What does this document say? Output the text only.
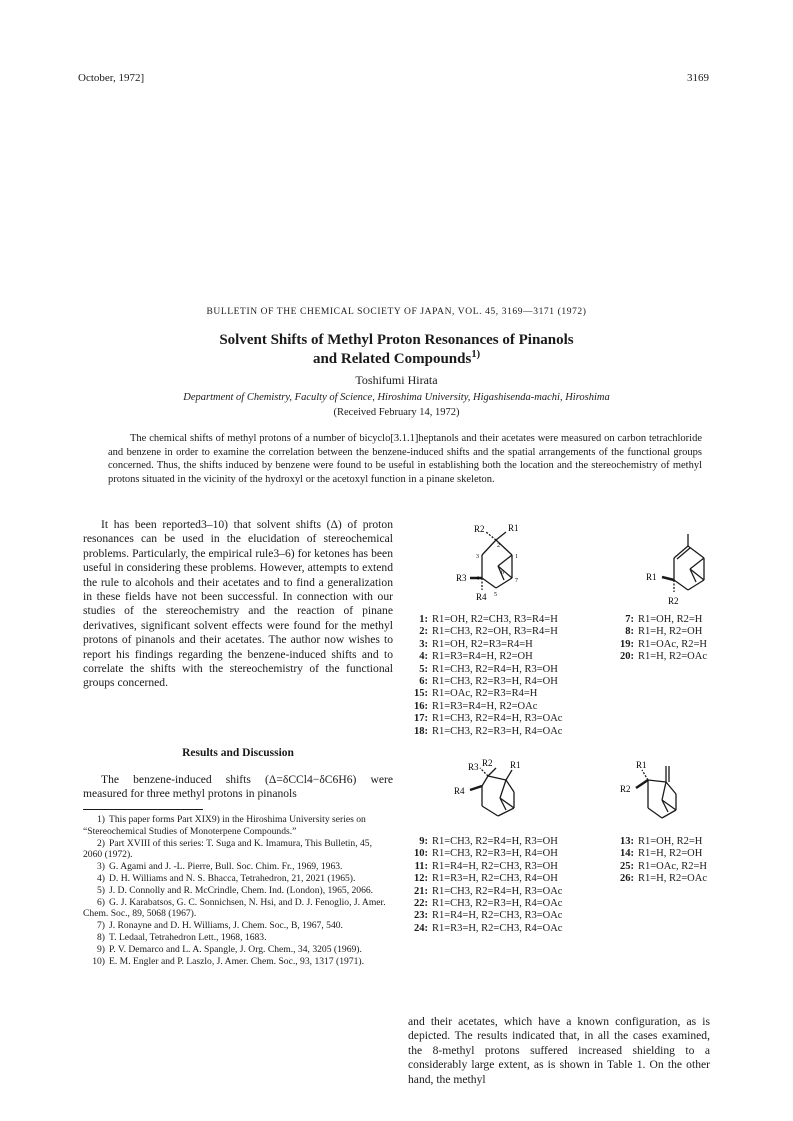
October, 1972]	3169
BULLETIN OF THE CHEMICAL SOCIETY OF JAPAN, VOL. 45, 3169—3171 (1972)
Solvent Shifts of Methyl Proton Resonances of Pinanols
and Related Compounds$^{1)}$
Toshifumi Hirata
Department of Chemistry, Faculty of Science, Hiroshima University, Higashisenda-machi, Hiroshima
(Received February 14, 1972)
The chemical shifts of methyl protons of a number of bicyclo[3.1.1]heptanols and their acetates were measured on carbon tetrachloride and benzene in order to examine the correlation between the benzene-induced shifts and the spatial arrangements of the functional groups concerned. Thus, the shifts induced by benzene were found to be useful in establishing both the location and the stereochemistry of methyl protons situated in the vicinity of the hydroxyl or the acetoxyl function in a pinane skeleton.
It has been reported3–10) that solvent shifts (Δ) of proton resonances can be used in the elucidation of stereochemical problems. Particularly, the empirical rule3–6) for ketones has been useful in considering these problems. However, attempts to extend the rule to alcohols and their acetates and to find a generalization in these fields have not been successful. In connection with our studies of the stereochemistry and the reaction of pinane derivatives, significant solvent effects were found for the methyl protons of pinanols and their acetates. The author now wishes to report his findings regarding the benzene-induced shifts and to correlate the shifts with the stereochemistry of the functional groups concerned.
Results and Discussion
The benzene-induced shifts (Δ=δCCl4−δC6H6) were measured for three methyl protons in pinanols
1) This paper forms Part XIX9) in the Hiroshima University series on “Stereochemical Studies of Monoterpene Compounds.”
2) Part XVIII of this series: T. Suga and K. Imamura, This Bulletin, 45, 2060 (1972).
3) G. Agami and J. -L. Pierre, Bull. Soc. Chim. Fr., 1969, 1963.
4) D. H. Williams and N. S. Bhacca, Tetrahedron, 21, 2021 (1965).
5) J. D. Connolly and R. McCrindle, Chem. Ind. (London), 1965, 2066.
6) G. J. Karabatsos, G. C. Sonnichsen, N. Hsi, and D. J. Fenoglio, J. Amer. Chem. Soc., 89, 5068 (1967).
7) J. Ronayne and D. H. Williams, J. Chem. Soc., B, 1967, 540.
8) T. Ledaal, Tetrahedron Lett., 1968, 1683.
9) P. V. Demarco and L. A. Spangle, J. Org. Chem., 34, 3205 (1969).
10) E. M. Engler and P. Laszlo, J. Amer. Chem. Soc., 93, 1317 (1971).
R2	R1
R3
R4
2
3
4
5
6
1
7	R1
R2
1: R1=OH, R2=CH3, R3=R4=H
2: R1=CH3, R2=OH, R3=R4=H
3: R1=OH, R2=R3=R4=H
4: R1=R3=R4=H, R2=OH
5: R1=CH3, R2=R4=H, R3=OH
6: R1=CH3, R2=R3=H, R4=OH
15: R1=OAc, R2=R3=R4=H
16: R1=R3=R4=H, R2=OAc
17: R1=CH3, R2=R4=H, R3=OAc
18: R1=CH3, R2=R3=H, R4=OAc
7: R1=OH, R2=H
8: R1=H, R2=OH
19: R1=OAc, R2=H
20: R1=H, R2=OAc
R3 R2 R1
R4
R1
R2
9: R1=CH3, R2=R4=H, R3=OH
10: R1=CH3, R2=R3=H, R4=OH
11: R1=R4=H, R2=CH3, R3=OH
12: R1=R3=H, R2=CH3, R4=OH
21: R1=CH3, R2=R4=H, R3=OAc
22: R1=CH3, R2=R3=H, R4=OAc
23: R1=R4=H, R2=CH3, R3=OAc
24: R1=R3=H, R2=CH3, R4=OAc
13: R1=OH, R2=H
14: R1=H, R2=OH
25: R1=OAc, R2=H
26: R1=H, R2=OAc
and their acetates, which have a known configuration, as is depicted. The results indicated that, in all the cases examined, the 8-methyl protons suffered increased shielding to a considerably large extent, as is shown in Table 1. On the other hand, the methyl
